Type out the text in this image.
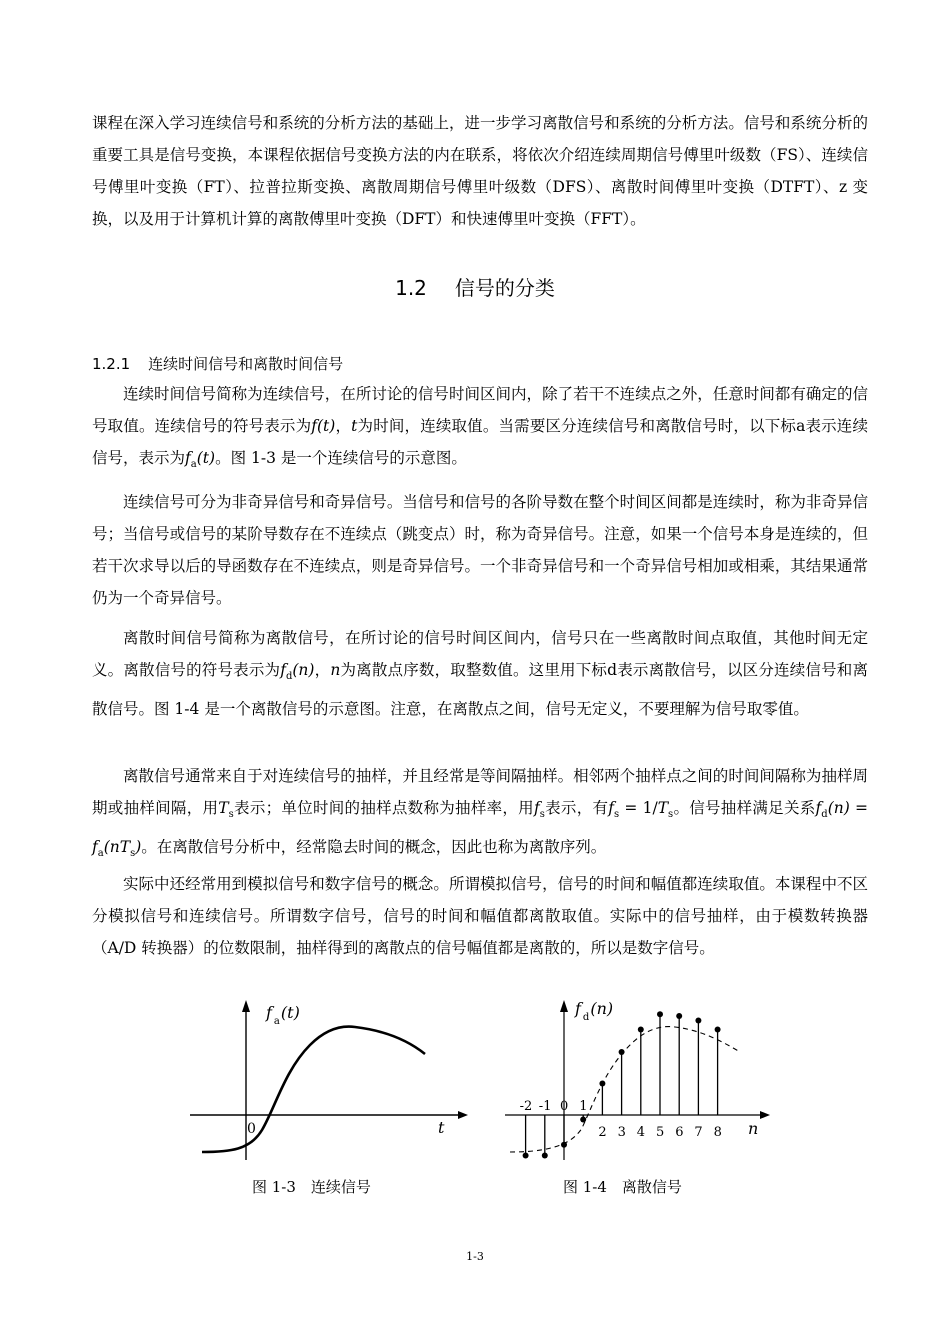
课程在深入学习连续信号和系统的分析方法的基础上，进一步学习离散信号和系统的分析方法。信号和系统分析的重要工具是信号变换，本课程依据信号变换方法的内在联系，将依次介绍连续周期信号傅里叶级数（FS）、连续信号傅里叶变换（FT）、拉普拉斯变换、离散周期信号傅里叶级数（DFS）、离散时间傅里叶变换（DTFT）、z 变换，以及用于计算机计算的离散傅里叶变换（DFT）和快速傅里叶变换（FFT）。
1.2 信号的分类
1.2.1 连续时间信号和离散时间信号
连续时间信号简称为连续信号，在所讨论的信号时间区间内，除了若干不连续点之外，任意时间都有确定的信号取值。连续信号的符号表示为f(t)，t为时间，连续取值。当需要区分连续信号和离散信号时，以下标a表示连续信号，表示为$f_a(t)$。图 1-3 是一个连续信号的示意图。
连续信号可分为非奇异信号和奇异信号。当信号和信号的各阶导数在整个时间区间都是连续时，称为非奇异信号；当信号或信号的某阶导数存在不连续点（跳变点）时，称为奇异信号。注意，如果一个信号本身是连续的，但若干次求导以后的导函数存在不连续点，则是奇异信号。一个非奇异信号和一个奇异信号相加或相乘，其结果通常仍为一个奇异信号。
离散时间信号简称为离散信号，在所讨论的信号时间区间内，信号只在一些离散时间点取值，其他时间无定义。离散信号的符号表示为$f_d(n)$，n为离散点序数，取整数值。这里用下标d表示离散信号，以区分连续信号和离散信号。图 1-4 是一个离散信号的示意图。注意，在离散点之间，信号无定义，不要理解为信号取零值。
离散信号通常来自于对连续信号的抽样，并且经常是等间隔抽样。相邻两个抽样点之间的时间间隔称为抽样周期或抽样间隔，用$T_s$表示；单位时间的抽样点数称为抽样率，用$f_s$表示，有$f_s = 1/T_s$。信号抽样满足关系$f_d(n) = f_a(nT_s)$。在离散信号分析中，经常隐去时间的概念，因此也称为离散序列。
实际中还经常用到模拟信号和数字信号的概念。所谓模拟信号，信号的时间和幅值都连续取值。本课程中不区分模拟信号和连续信号。所谓数字信号，信号的时间和幅值都离散取值。实际中的信号抽样，由于模数转换器（A/D 转换器）的位数限制，抽样得到的离散点的信号幅值都是离散的，所以是数字信号。
f $_a$(t)
0	t
图 1-3　连续信号
-2 -1 0 1
2 3 4 5 6 7 8
f $_d$(n)
n
图 1-4　离散信号
1-3
